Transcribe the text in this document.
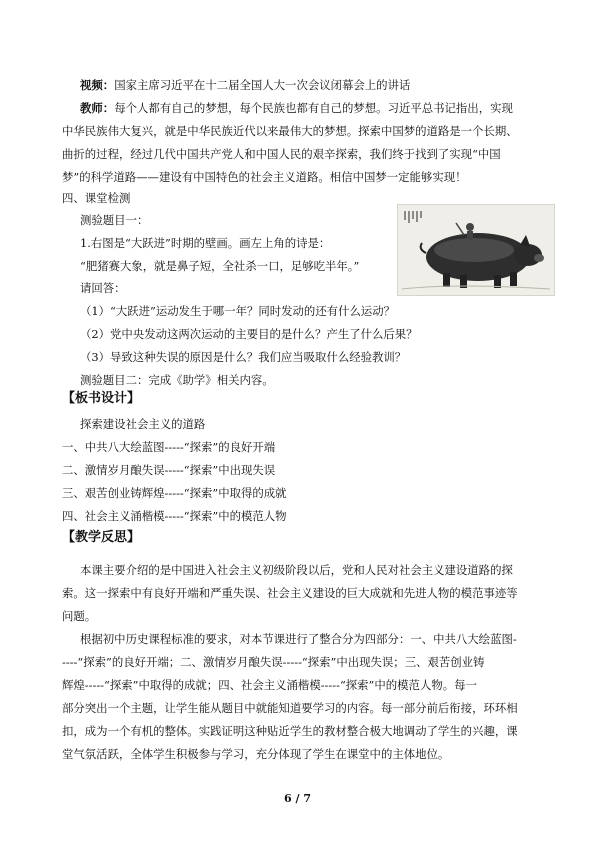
视频：国家主席习近平在十二届全国人大一次会议闭幕会上的讲话
教师：每个人都有自己的梦想，每个民族也都有自己的梦想。习近平总书记指出，实现
中华民族伟大复兴，就是中华民族近代以来最伟大的梦想。探索中国梦的道路是一个长期、
曲折的过程，经过几代中国共产党人和中国人民的艰辛探索，我们终于找到了实现“中国
梦”的科学道路——建设有中国特色的社会主义道路。相信中国梦一定能够实现！
四、课堂检测
测验题目一：
1.右图是“大跃进”时期的壁画。画左上角的诗是：
“肥猪赛大象，就是鼻子短，全社杀一口，足够吃半年。”
请回答：
（1）“大跃进”运动发生于哪一年？同时发动的还有什么运动？
（2）党中央发动这两次运动的主要目的是什么？产生了什么后果？
（3）导致这种失误的原因是什么？我们应当吸取什么经验教训？
测验题目二：完成《助学》相关内容。
【板书设计】
探索建设社会主义的道路
一、中共八大绘蓝图-----“探索”的良好开端
二、激情岁月酿失误-----“探索”中出现失误
三、艰苦创业铸辉煌-----“探索”中取得的成就
四、社会主义涌楷模-----“探索”中的模范人物
【教学反思】
本课主要介绍的是中国进入社会主义初级阶段以后，党和人民对社会主义建设道路的探
索。这一探索中有良好开端和严重失误、社会主义建设的巨大成就和先进人物的模范事迹等
问题。
根据初中历史课程标准的要求，对本节课进行了整合分为四部分：一、中共八大绘蓝图-
----“探索”的良好开端；二、激情岁月酿失误-----“探索”中出现失误；三、艰苦创业铸
辉煌-----“探索”中取得的成就；四、社会主义涌楷模-----“探索”中的模范人物。每一
部分突出一个主题，让学生能从题目中就能知道要学习的内容。每一部分前后衔接，环环相
扣，成为一个有机的整体。实践证明这种贴近学生的教材整合极大地调动了学生的兴趣，课
堂气氛活跃，全体学生积极参与学习，充分体现了学生在课堂中的主体地位。
6 / 7
